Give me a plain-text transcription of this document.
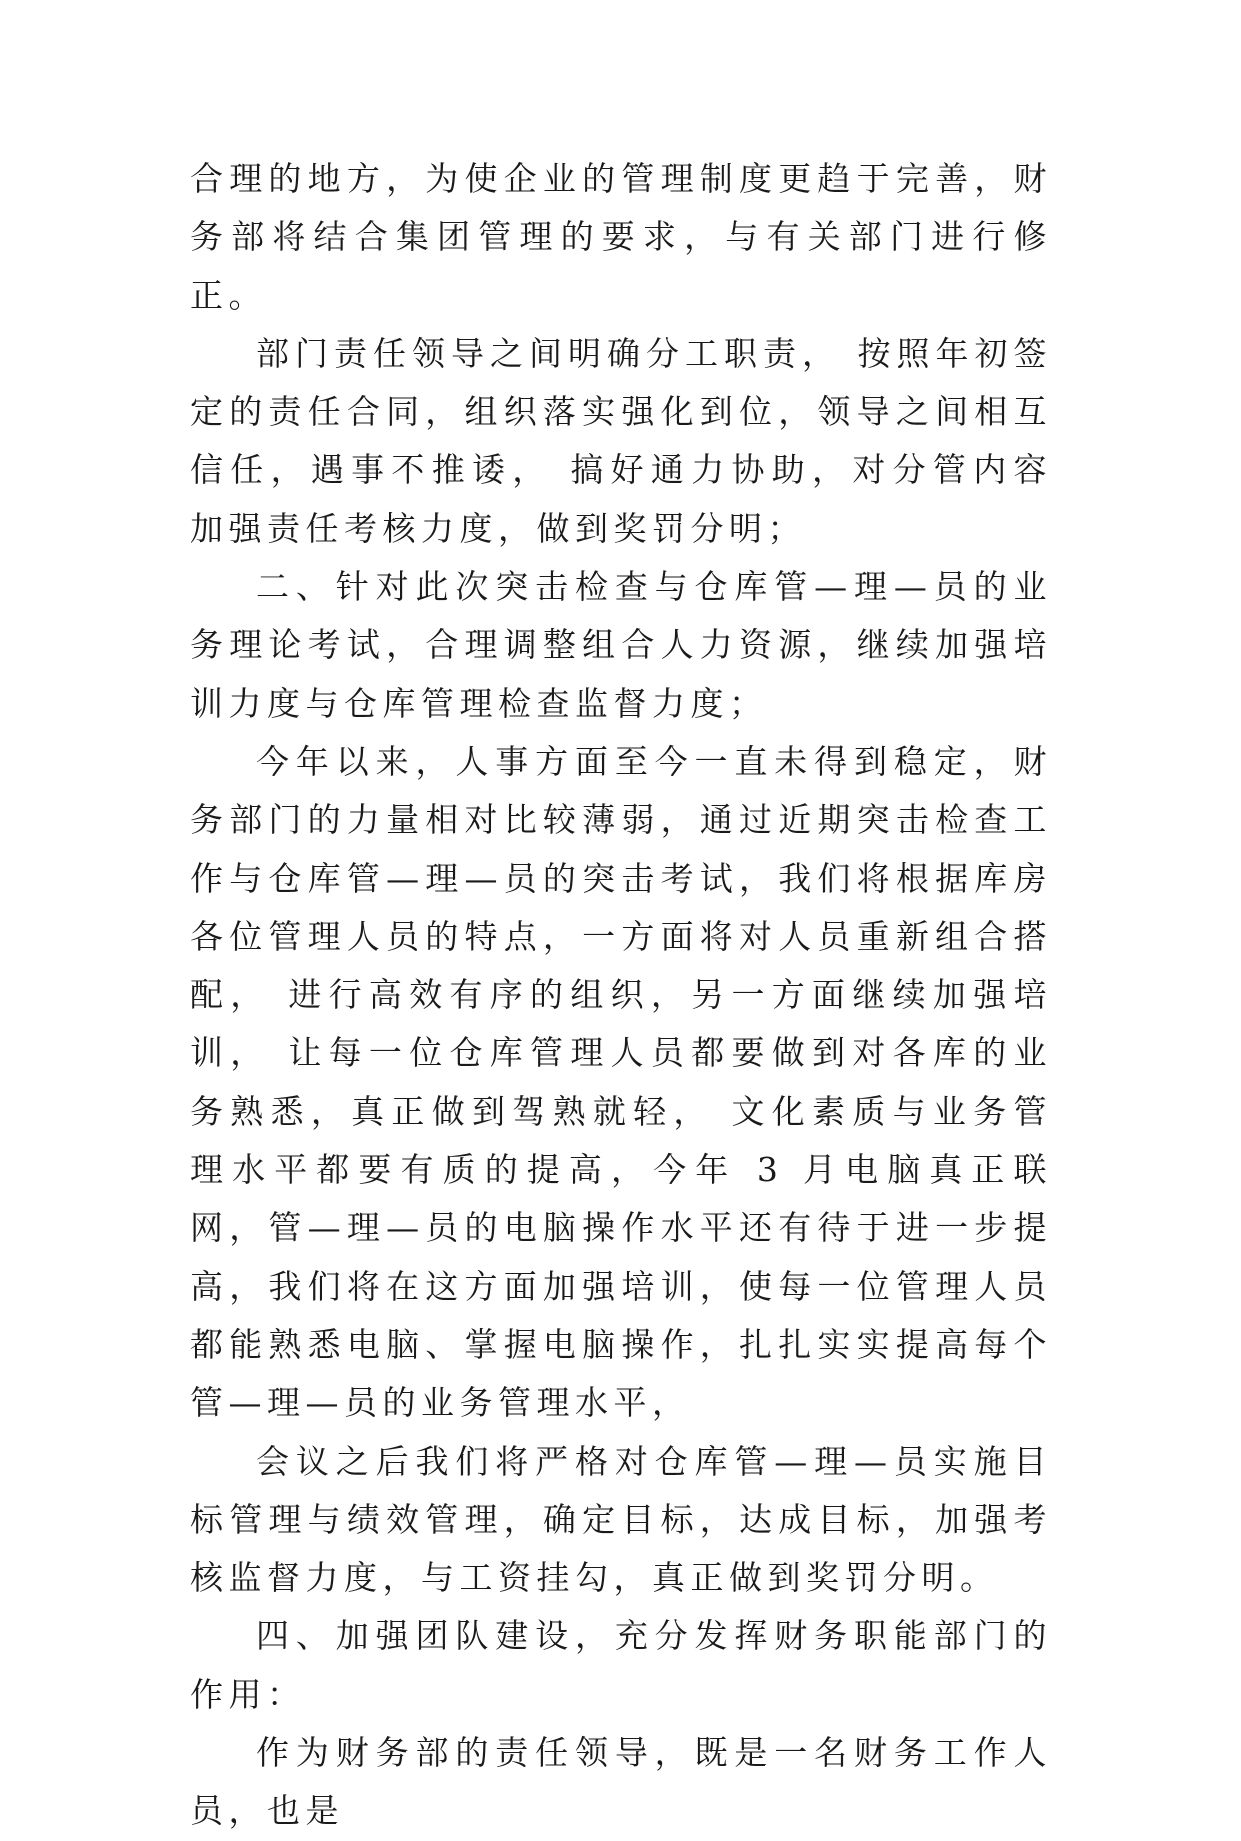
合理的地方，为使企业的管理制度更趋于完善，财务部将结合集团管理的要求，与有关部门进行修正。

部门责任领导之间明确分工职责， 按照年初签定的责任合同，组织落实强化到位，领导之间相互信任，遇事不推诿， 搞好通力协助，对分管内容加强责任考核力度，做到奖罚分明；

二、针对此次突击检查与仓库管—理—员的业务理论考试，合理调整组合人力资源，继续加强培训力度与仓库管理检查监督力度；

今年以来，人事方面至今一直未得到稳定，财务部门的力量相对比较薄弱，通过近期突击检查工作与仓库管—理—员的突击考试，我们将根据库房各位管理人员的特点，一方面将对人员重新组合搭配， 进行高效有序的组织，另一方面继续加强培训， 让每一位仓库管理人员都要做到对各库的业务熟悉，真正做到驾熟就轻， 文化素质与业务管理水平都要有质的提高，今年 3 月电脑真正联网，管—理—员的电脑操作水平还有待于进一步提高，我们将在这方面加强培训，使每一位管理人员都能熟悉电脑、掌握电脑操作，扎扎实实提高每个管—理—员的业务管理水平，

会议之后我们将严格对仓库管—理—员实施目标管理与绩效管理，确定目标，达成目标，加强考核监督力度，与工资挂勾，真正做到奖罚分明。

四、加强团队建设，充分发挥财务职能部门的作用：

作为财务部的责任领导，既是一名财务工作人员，也是
